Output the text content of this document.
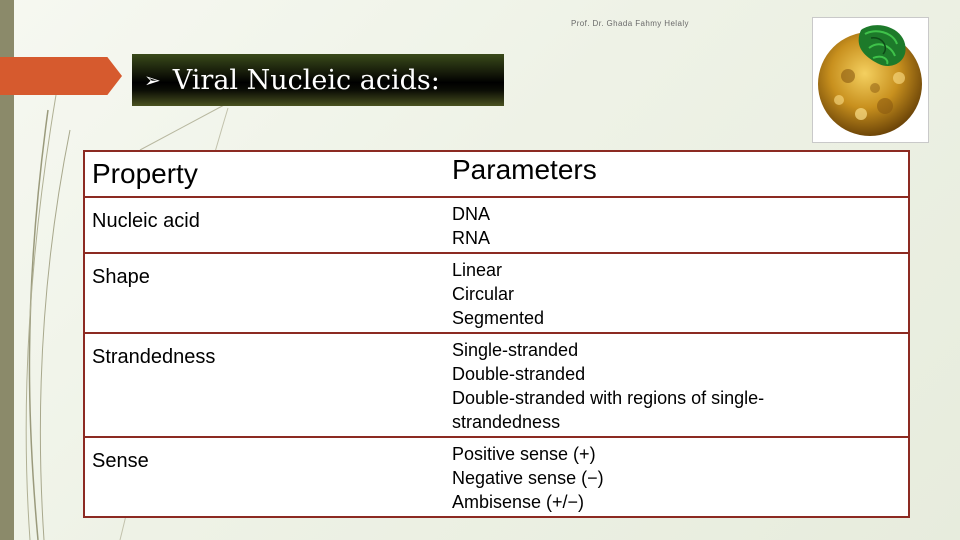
Prof. Dr. Ghada Fahmy Helaly
➢ Viral Nucleic acids:
Property	Parameters
Nucleic acid	DNA
RNA
Shape	Linear
Circular
Segmented
Strandedness	Single-stranded
Double-stranded
Double-stranded with regions of single-
strandedness
Sense	Positive sense (+)
Negative sense (−)
Ambisense (+/−)
